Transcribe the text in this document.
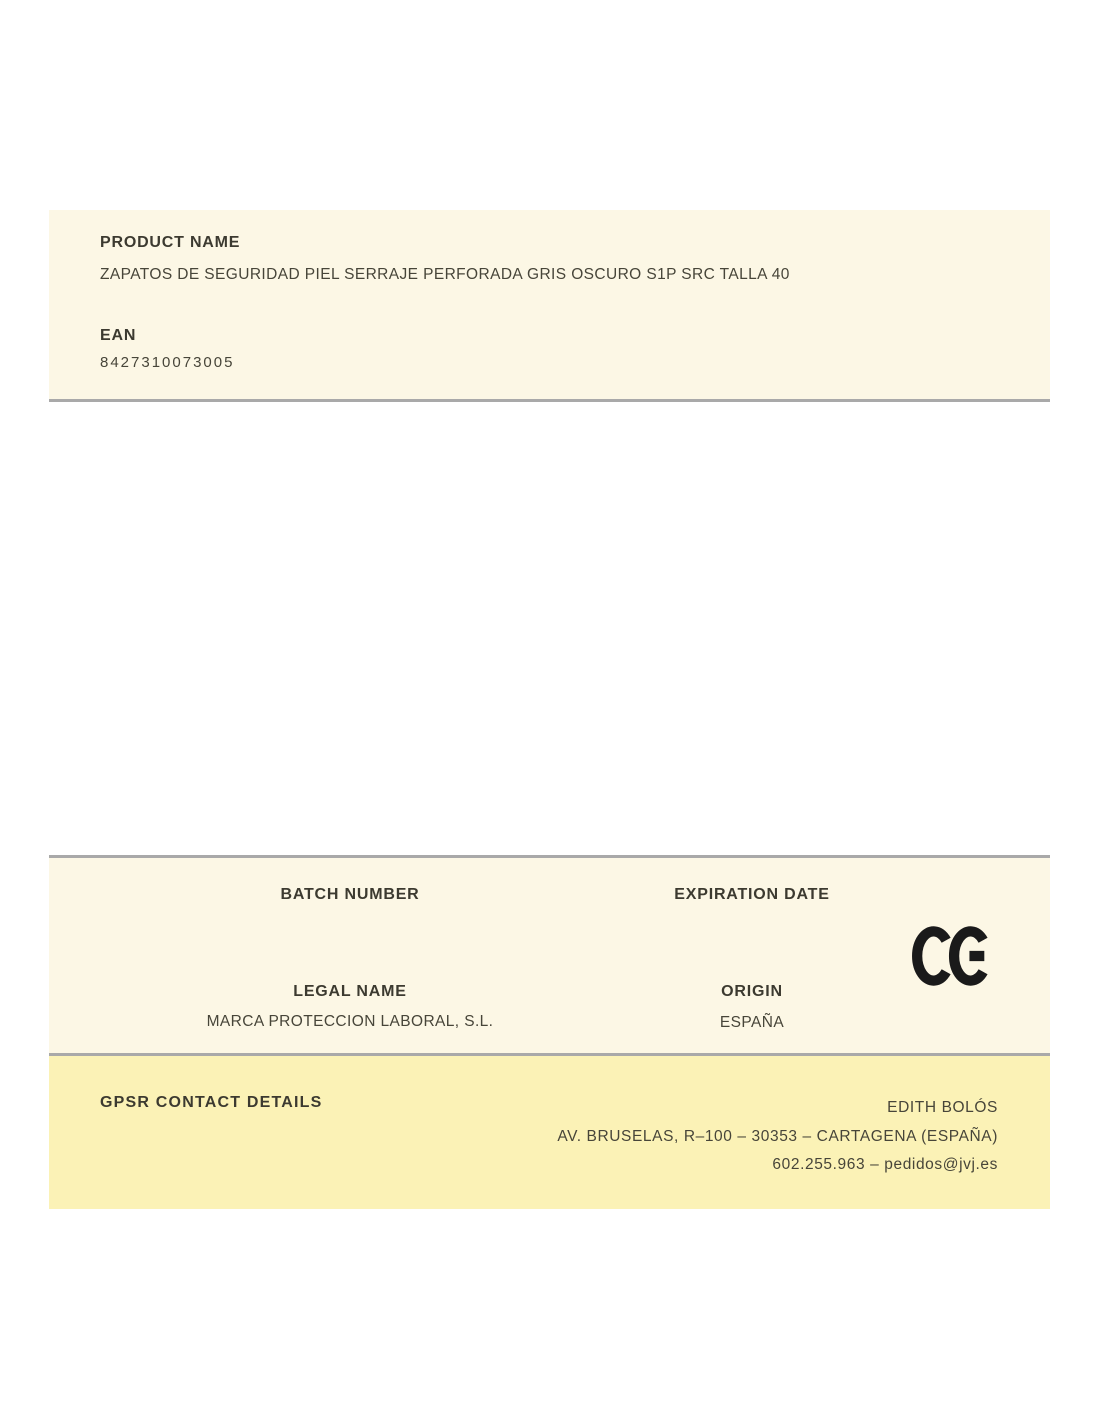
PRODUCT NAME
ZAPATOS DE SEGURIDAD PIEL SERRAJE PERFORADA GRIS OSCURO S1P SRC TALLA 40
EAN
8427310073005
BATCH NUMBER	EXPIRATION DATE
LEGAL NAME
MARCA PROTECCION LABORAL, S.L.
ORIGIN
ESPAÑA
GPSR CONTACT DETAILS	EDITH BOLÓS
AV. BRUSELAS, R–100 – 30353 – CARTAGENA (ESPAÑA)
602.255.963 – pedidos@jvj.es
